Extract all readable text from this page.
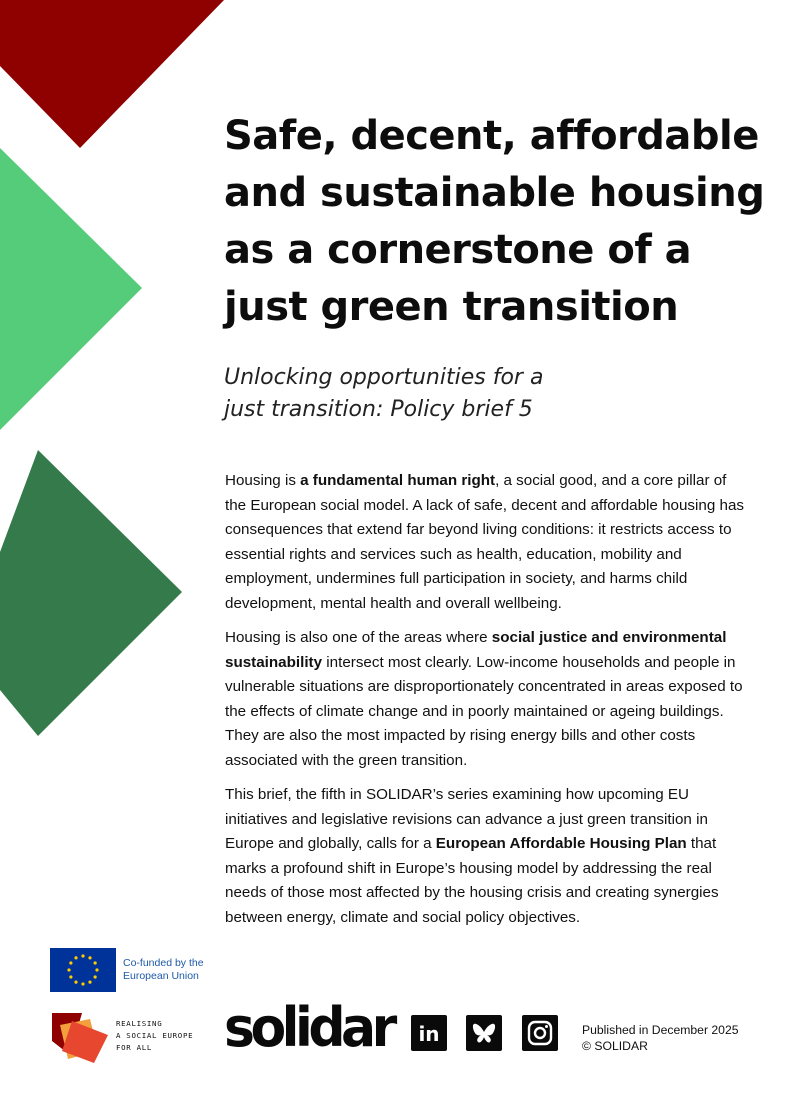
Safe, decent, affordable
and sustainable housing
as a cornerstone of a
just green transition
Unlocking opportunities for a
just transition: Policy brief 5

Housing is a fundamental human right, a social good, and a core pillar of the European social model. A lack of safe, decent and affordable housing has consequences that extend far beyond living conditions: it restricts access to essential rights and services such as health, education, mobility and employment, undermines full participation in society, and harms child development, mental health and overall wellbeing.

Housing is also one of the areas where social justice and environmental sustainability intersect most clearly. Low-income households and people in vulnerable situations are disproportionately concentrated in areas exposed to the effects of climate change and in poorly maintained or ageing buildings. They are also the most impacted by rising energy bills and other costs associated with the green transition.

This brief, the fifth in SOLIDAR’s series examining how upcoming EU initiatives and legislative revisions can advance a just green transition in Europe and globally, calls for a European Affordable Housing Plan that marks a profound shift in Europe’s housing model by addressing the real needs of those most affected by the housing crisis and creating synergies between energy, climate and social policy objectives.

Co-funded by the
European Union
REALISING
A SOCIAL EUROPE
FOR ALL	solidar in	Published in December 2025
© SOLIDAR
